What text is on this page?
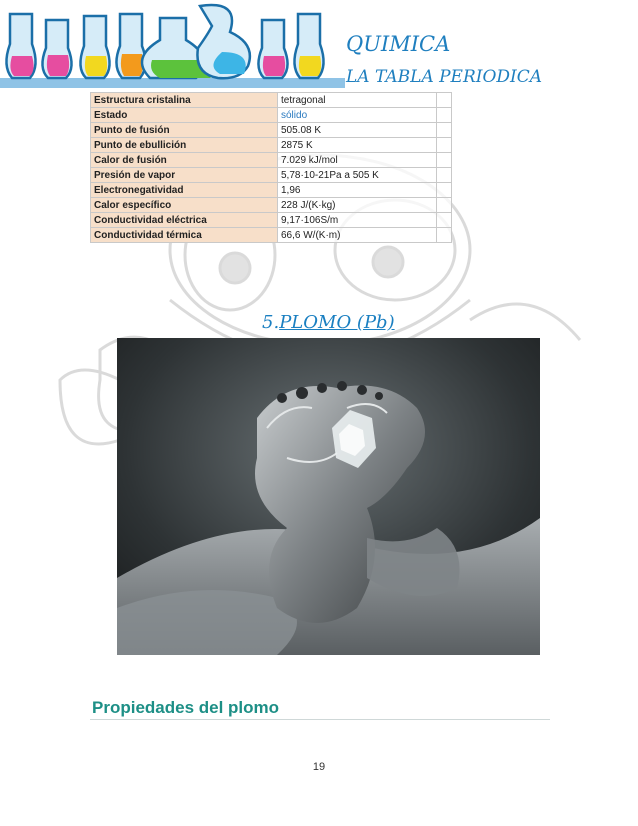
QUIMICA
LA TABLA PERIODICA
Estructura cristalina	tetragonal	
Estado	sólido	
Punto de fusión	505.08 K	
Punto de ebullición	2875 K	
Calor de fusión	7.029 kJ/mol	
Presión de vapor	5,78·10-21Pa a 505 K	
Electronegatividad	1,96	
Calor específico	228 J/(K·kg)	
Conductividad eléctrica	9,17·106S/m	
Conductividad térmica	66,6 W/(K·m)	
5.PLOMO (Pb)
Propiedades del plomo
19
